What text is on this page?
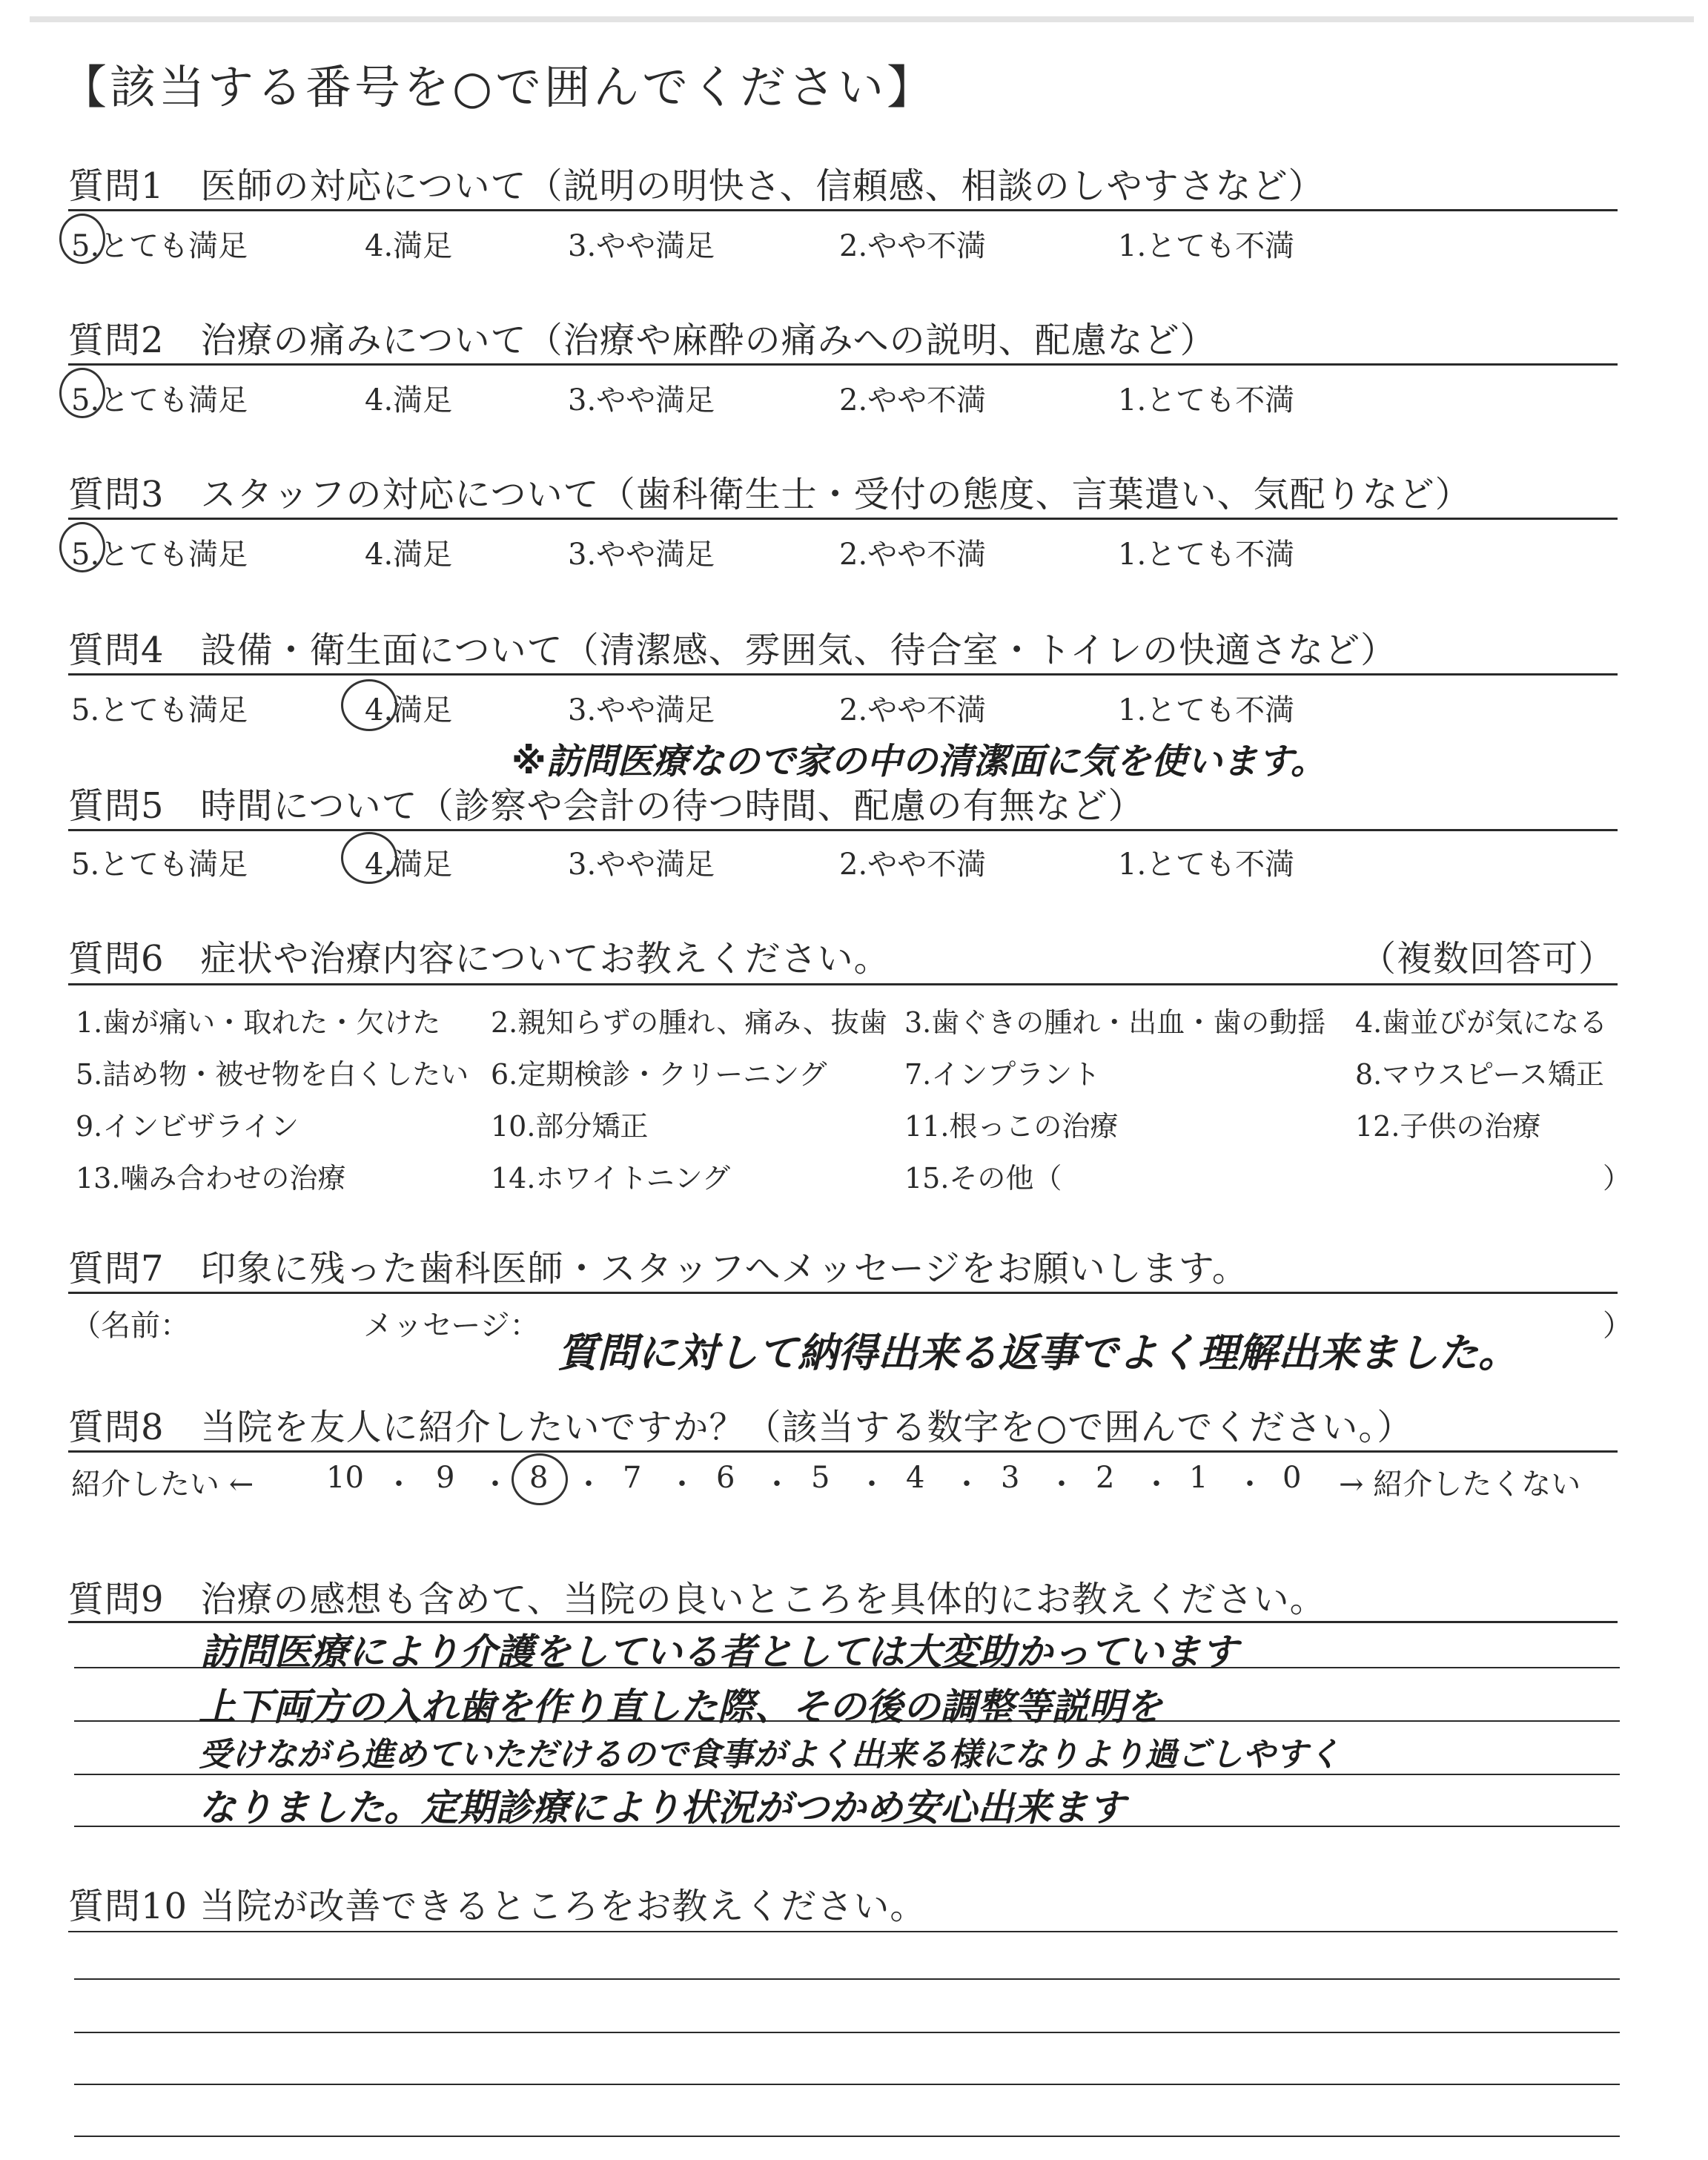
【該当する番号を○で囲んでください】
質問1　医師の対応について（説明の明快さ、信頼感、相談のしやすさなど）
5.とても満足	4.満足	3.やや満足	2.やや不満	1.とても不満
質問2　治療の痛みについて（治療や麻酔の痛みへの説明、配慮など）
5.とても満足	4.満足	3.やや満足	2.やや不満	1.とても不満
質問3　スタッフの対応について（歯科衛生士・受付の態度、言葉遣い、気配りなど）
5.とても満足	4.満足	3.やや満足	2.やや不満	1.とても不満
質問4　設備・衛生面について（清潔感、雰囲気、待合室・トイレの快適さなど）
5.とても満足	4.満足	3.やや満足	2.やや不満	1.とても不満
※訪問医療なので家の中の清潔面に気を使います。
質問5　時間について（診察や会計の待つ時間、配慮の有無など）
5.とても満足	4.満足	3.やや満足	2.やや不満	1.とても不満
質問6　症状や治療内容についてお教えください。	（複数回答可）
1.歯が痛い・取れた・欠けた 2.親知らずの腫れ、痛み、抜歯 3.歯ぐきの腫れ・出血・歯の動揺 4.歯並びが気になる
5.詰め物・被せ物を白くしたい 6.定期検診・クリーニング	7.インプラント	8.マウスピース矯正
9.インビザライン	10.部分矯正	11.根っこの治療	12.子供の治療
13.噛み合わせの治療	14.ホワイトニング	15.その他（	）
質問7　印象に残った歯科医師・スタッフへメッセージをお願いします。
（名前：	メッセージ：	）
質問に対して納得出来る返事でよく理解出来ました。
質問8　当院を友人に紹介したいですか？（該当する数字を○で囲んでください。）
紹介したい ←	→ 紹介したくない
10 ・ 9 ・ 8 ・ 7 ・ 6 ・ 5 ・ 4 ・ 3 ・ 2 ・ 1 ・ 0
質問9　治療の感想も含めて、当院の良いところを具体的にお教えください。
訪問医療により介護をしている者としては大変助かっています
上下両方の入れ歯を作り直した際、その後の調整等説明を
受けながら進めていただけるので食事がよく出来る様になりより過ごしやすく
なりました。定期診療により状況がつかめ安心出来ます
質問10 当院が改善できるところをお教えください。
